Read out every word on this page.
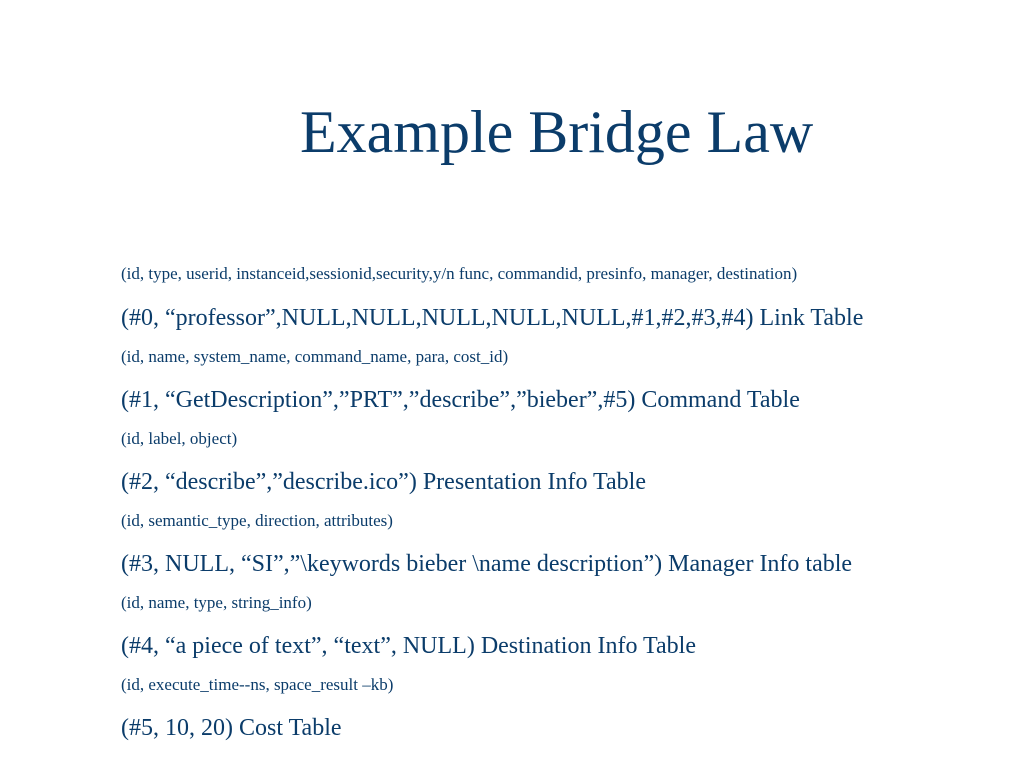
Example Bridge Law
(id, type, userid, instanceid,sessionid,security,y/n func, commandid, presinfo, manager, destination)
(#0, “professor”,NULL,NULL,NULL,NULL,NULL,#1,#2,#3,#4) Link Table
(id, name, system_name, command_name, para, cost_id)
(#1, “GetDescription”,”PRT”,”describe”,”bieber”,#5) Command Table
(id, label, object)
(#2, “describe”,”describe.ico”) Presentation Info Table
(id, semantic_type, direction, attributes)
(#3, NULL, “SI”,”\keywords bieber \name description”) Manager Info table
(id, name, type, string_info)
(#4, “a piece of text”, “text”, NULL) Destination Info Table
(id, execute_time--ns, space_result –kb)
(#5, 10, 20) Cost Table
